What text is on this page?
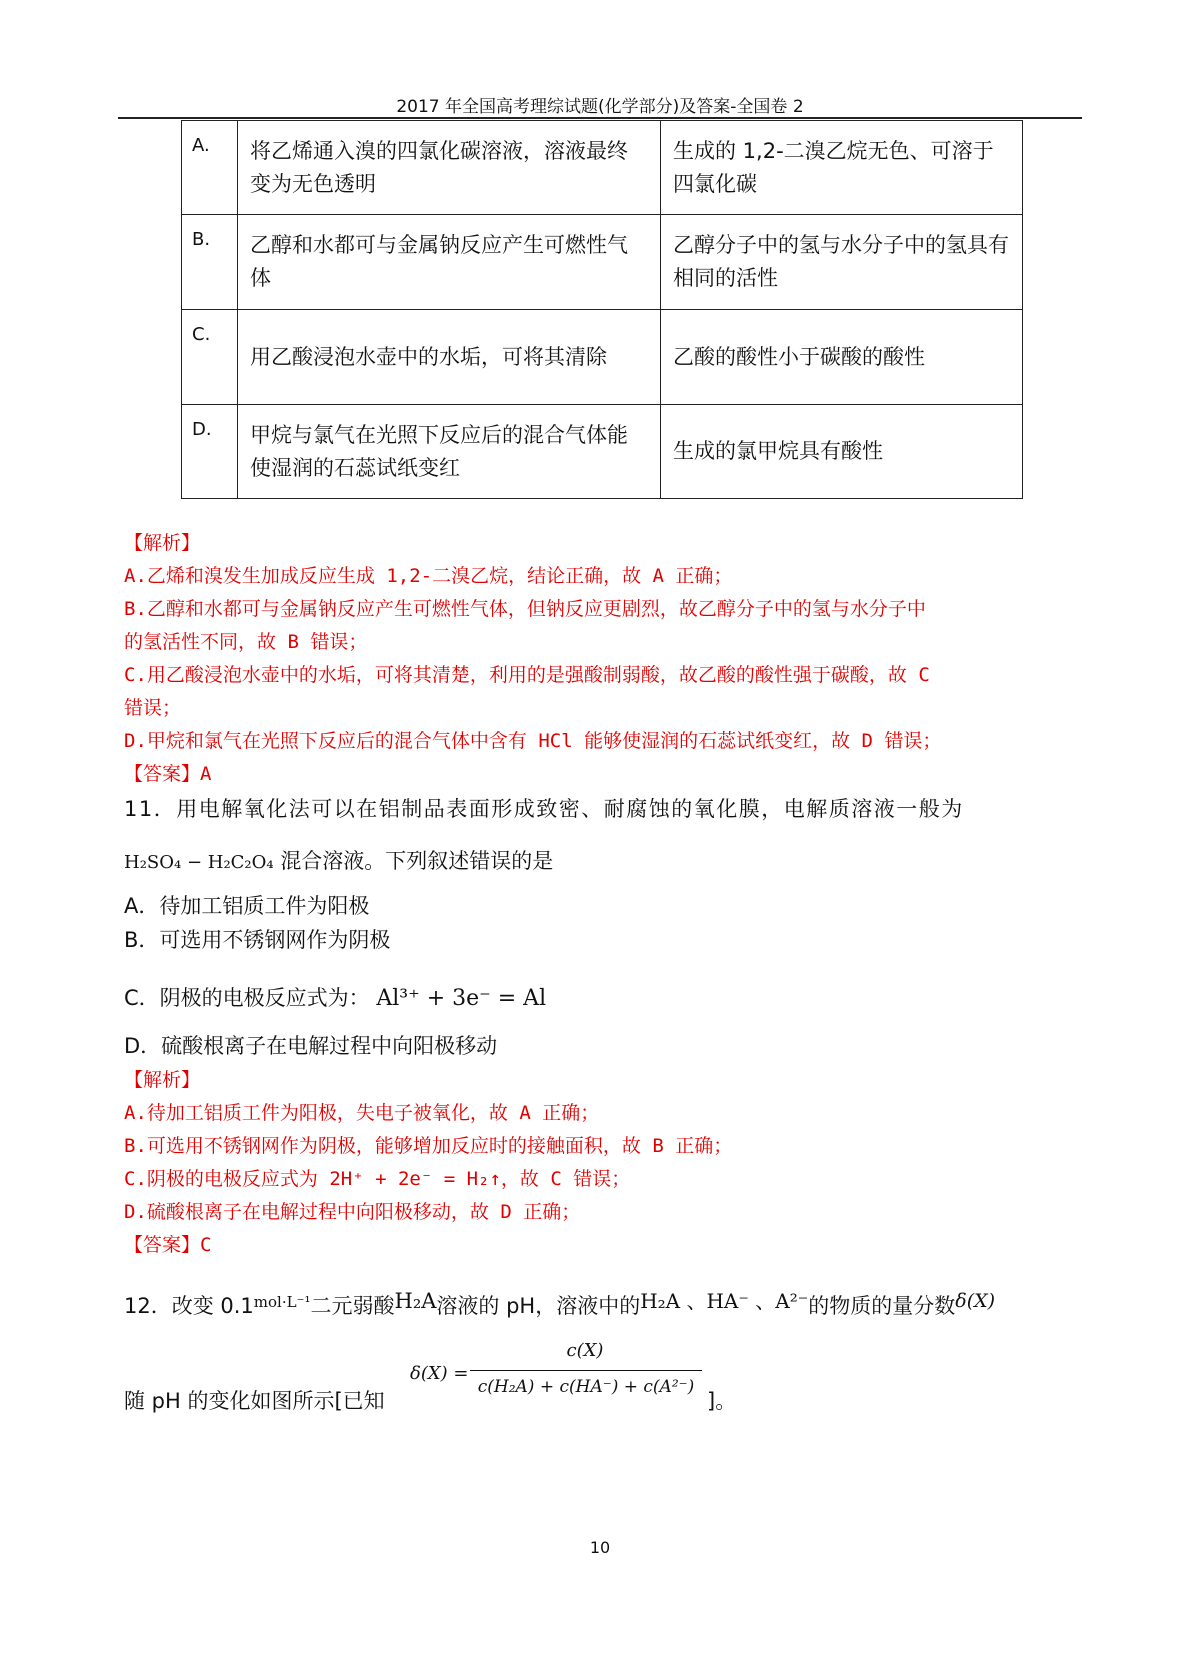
2017 年全国高考理综试题(化学部分)及答案-全国卷 2
A.	将乙烯通入溴的四氯化碳溶液，溶液最终变为无色透明	生成的 1,2-二溴乙烷无色、可溶于四氯化碳
B.	乙醇和水都可与金属钠反应产生可燃性气体	乙醇分子中的氢与水分子中的氢具有相同的活性
C.	用乙酸浸泡水壶中的水垢，可将其清除	乙酸的酸性小于碳酸的酸性
D.	甲烷与氯气在光照下反应后的混合气体能使湿润的石蕊试纸变红	生成的氯甲烷具有酸性
【解析】
A.乙烯和溴发生加成反应生成 1,2-二溴乙烷，结论正确，故 A 正确；
B.乙醇和水都可与金属钠反应产生可燃性气体，但钠反应更剧烈，故乙醇分子中的氢与水分子中
的氢活性不同，故 B 错误；
C.用乙酸浸泡水壶中的水垢，可将其清楚，利用的是强酸制弱酸，故乙酸的酸性强于碳酸，故 C
错误；
D.甲烷和氯气在光照下反应后的混合气体中含有 HCl 能够使湿润的石蕊试纸变红，故 D 错误；
【答案】A
11．用电解氧化法可以在铝制品表面形成致密、耐腐蚀的氧化膜，电解质溶液一般为
H₂SO₄ − H₂C₂O₄ 混合溶液。下列叙述错误的是
A．待加工铝质工件为阳极
B．可选用不锈钢网作为阴极
C．阴极的电极反应式为： Al³⁺ + 3e⁻ = Al
D．硫酸根离子在电解过程中向阳极移动
【解析】
A.待加工铝质工件为阳极，失电子被氧化，故 A 正确；
B.可选用不锈钢网作为阴极，能够增加反应时的接触面积，故 B 正确；
C.阴极的电极反应式为 2H⁺ + 2e⁻ = H₂↑，故 C 错误；
D.硫酸根离子在电解过程中向阳极移动，故 D 正确；
【答案】C
12．改变 $0.1^{mol\cdot L^{-1}}$二元弱酸H₂A溶液的 pH，溶液中的H₂A 、HA⁻ 、A²⁻的物质的量分数δ(X)
随 pH 的变化如图所示[已知
δ(X) =
c(X)
c(H₂A) + c(HA⁻) + c(A²⁻)
]。
10
